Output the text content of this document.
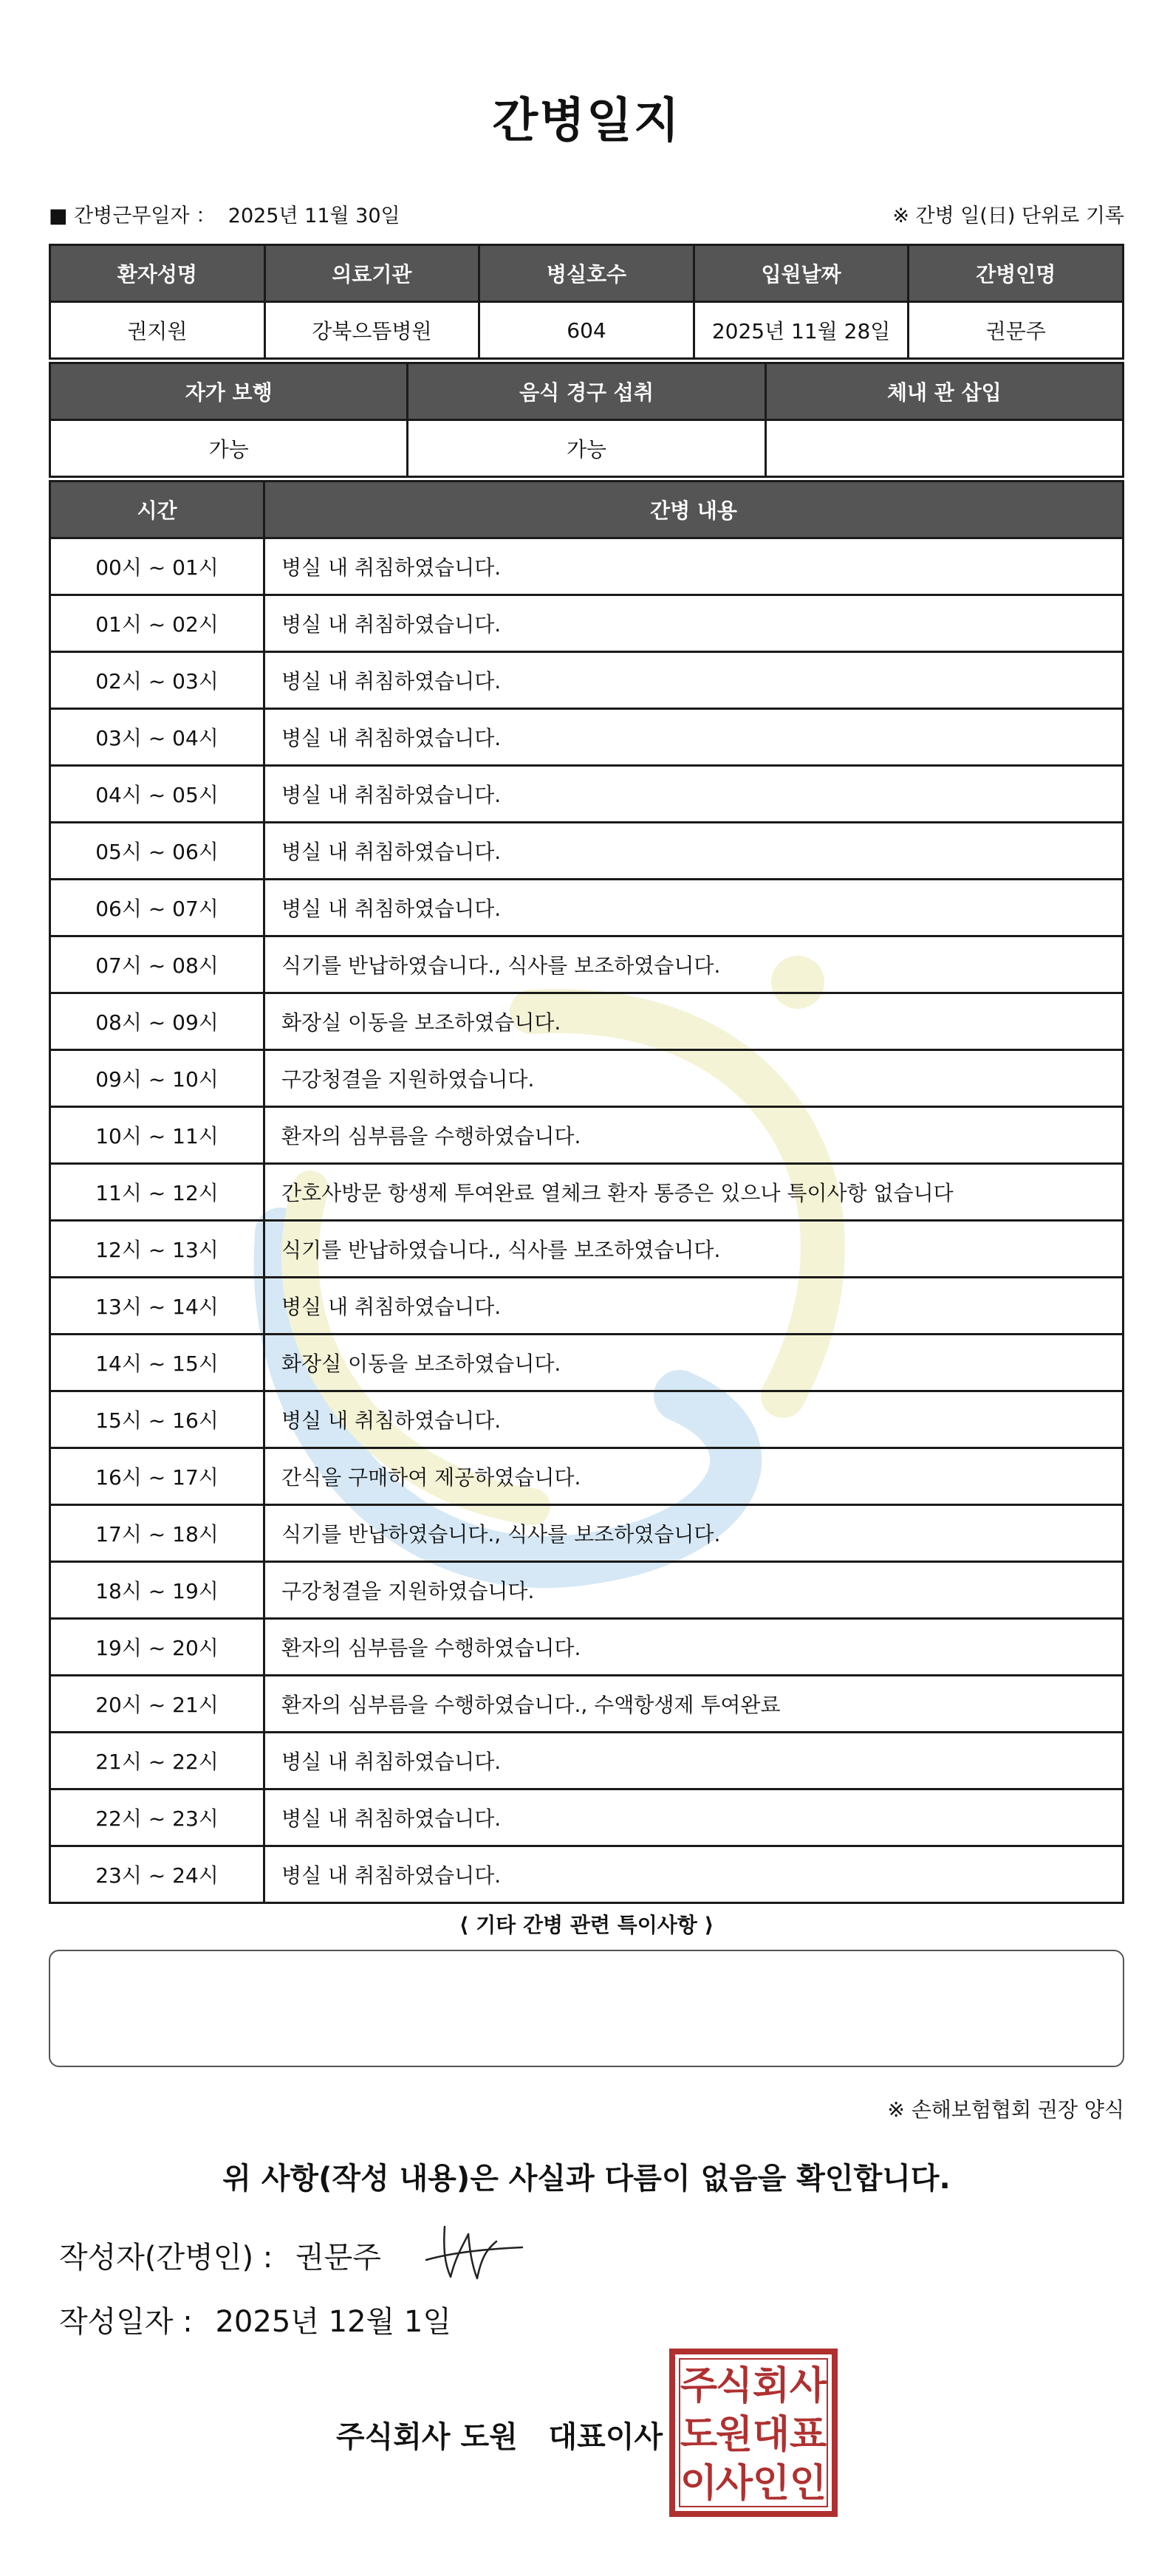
간병일지
■ 간병근무일자 ： 2025년 11월 30일	※ 간병 일(日) 단위로 기록
환자성명	의료기관	병실호수	입원날짜	간병인명
권지원	강북으뜸병원	604	2025년 11월 28일	권문주
자가 보행	음식 경구 섭취	체내 관 삽입
가능	가능	
시간	간병 내용
00시 ~ 01시	병실 내 취침하였습니다.
01시 ~ 02시	병실 내 취침하였습니다.
02시 ~ 03시	병실 내 취침하였습니다.
03시 ~ 04시	병실 내 취침하였습니다.
04시 ~ 05시	병실 내 취침하였습니다.
05시 ~ 06시	병실 내 취침하였습니다.
06시 ~ 07시	병실 내 취침하였습니다.
07시 ~ 08시	식기를 반납하였습니다., 식사를 보조하였습니다.
08시 ~ 09시	화장실 이동을 보조하였습니다.
09시 ~ 10시	구강청결을 지원하였습니다.
10시 ~ 11시	환자의 심부름을 수행하였습니다.
11시 ~ 12시	간호사방문 항생제 투여완료 열체크 환자 통증은 있으나 특이사항 없습니다
12시 ~ 13시	식기를 반납하였습니다., 식사를 보조하였습니다.
13시 ~ 14시	병실 내 취침하였습니다.
14시 ~ 15시	화장실 이동을 보조하였습니다.
15시 ~ 16시	병실 내 취침하였습니다.
16시 ~ 17시	간식을 구매하여 제공하였습니다.
17시 ~ 18시	식기를 반납하였습니다., 식사를 보조하였습니다.
18시 ~ 19시	구강청결을 지원하였습니다.
19시 ~ 20시	환자의 심부름을 수행하였습니다.
20시 ~ 21시	환자의 심부름을 수행하였습니다., 수액항생제 투여완료
21시 ~ 22시	병실 내 취침하였습니다.
22시 ~ 23시	병실 내 취침하였습니다.
23시 ~ 24시	병실 내 취침하였습니다.
⟨ 기타 간병 관련 특이사항 ⟩
※ 손해보험협회 권장 양식
위 사항(작성 내용)은 사실과 다름이 없음을 확인합니다.
작성자(간병인) : 권문주
작성일자 : 2025년 12월 1일
주식회사 도원   대표이사
주
식 회 사
도
원 대 표
이
사 인 인
